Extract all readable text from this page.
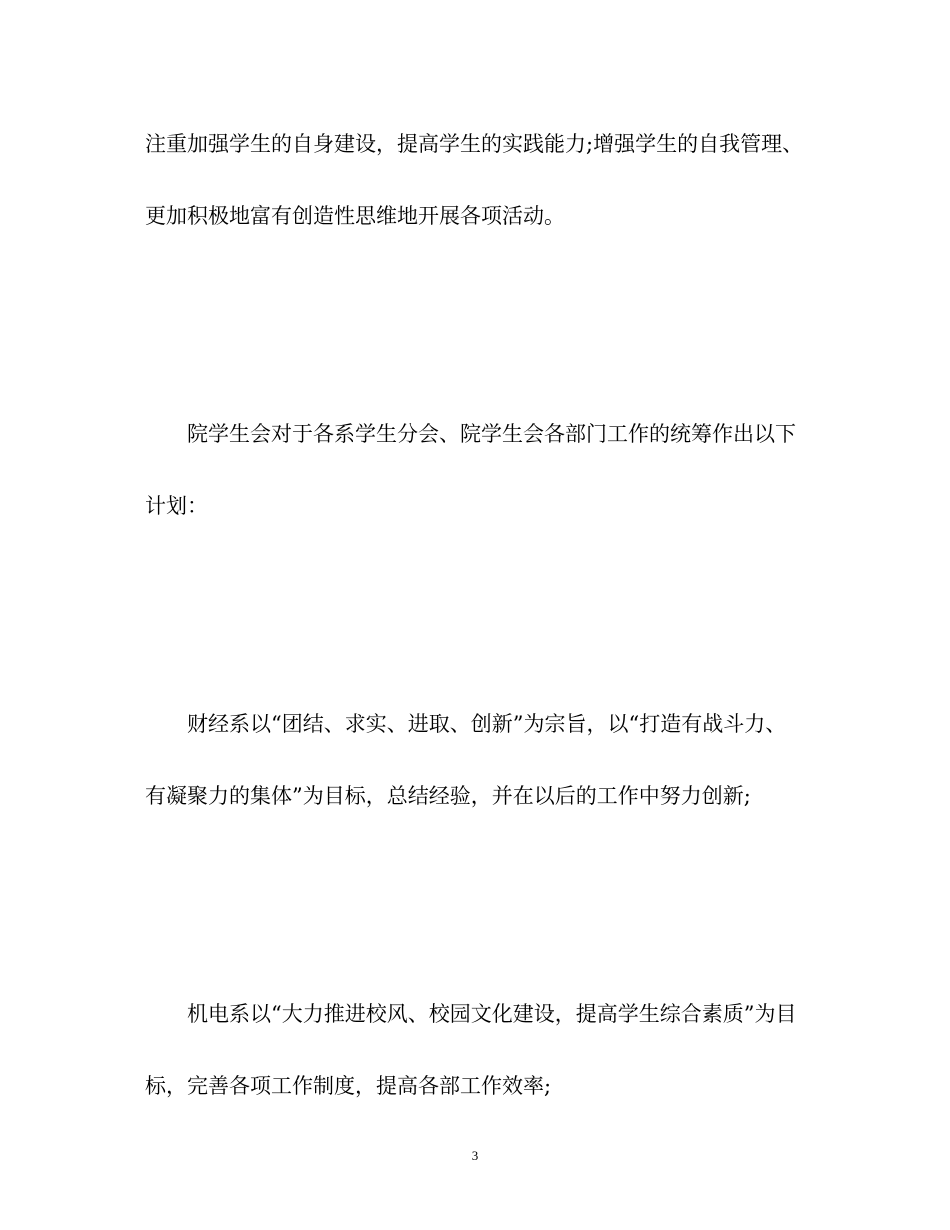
注重加强学生的自身建设，提高学生的实践能力;增强学生的自我管理、更加积极地富有创造性思维地开展各项活动。

院学生会对于各系学生分会、院学生会各部门工作的统筹作出以下计划：

财经系以“团结、求实、进取、创新”为宗旨，以“打造有战斗力、有凝聚力的集体”为目标，总结经验，并在以后的工作中努力创新;

机电系以“大力推进校风、校园文化建设，提高学生综合素质”为目标，完善各项工作制度，提高各部工作效率;

3
